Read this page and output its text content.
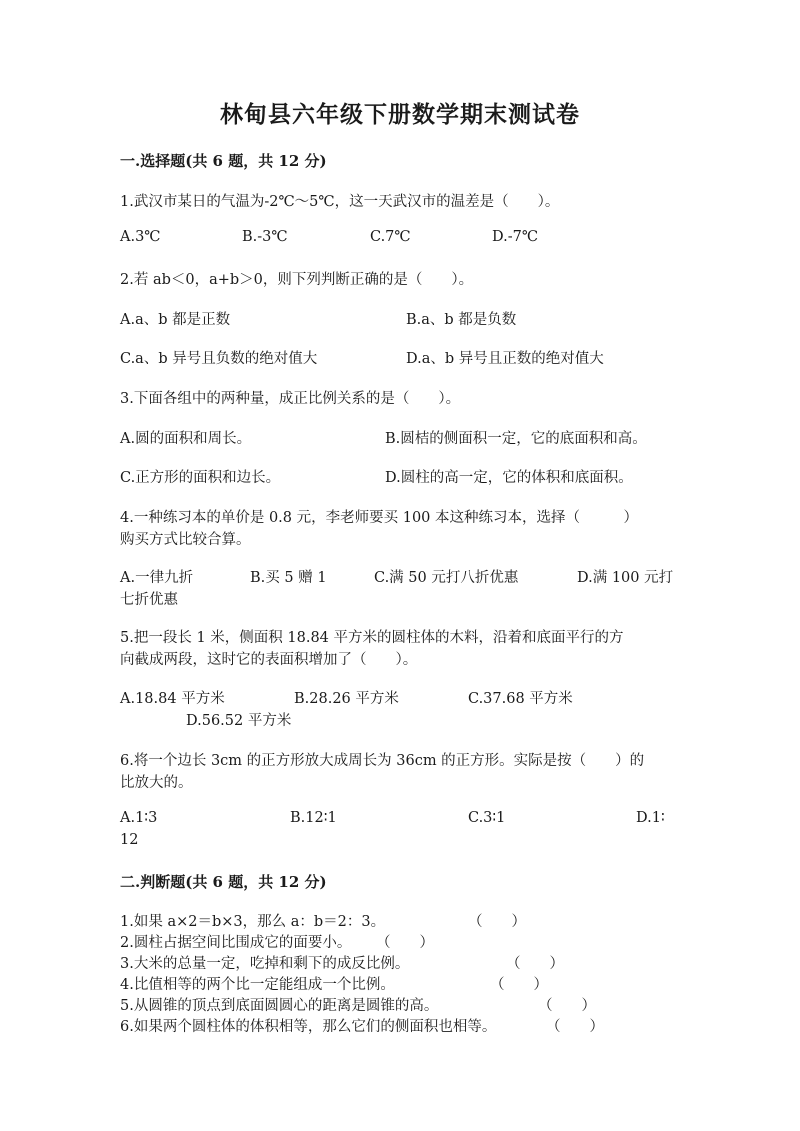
林甸县六年级下册数学期末测试卷
一.选择题(共 6 题，共 12 分)
1.武汉市某日的气温为-2℃～5℃，这一天武汉市的温差是（　　）。
A.3℃	B.-3℃	C.7℃	D.-7℃
2.若 ab＜0，a+b＞0，则下列判断正确的是（　　）。
A.a、b 都是正数	B.a、b 都是负数
C.a、b 异号且负数的绝对值大	D.a、b 异号且正数的绝对值大
3.下面各组中的两种量，成正比例关系的是（　　）。
A.圆的面积和周长。	B.圆桔的侧面积一定，它的底面积和高。
C.正方形的面积和边长。	D.圆柱的高一定，它的体积和底面积。
4.一种练习本的单价是 0.8 元，李老师要买 100 本这种练习本，选择（　　　）
购买方式比较合算。
A.一律九折	B.买 5 赠 1	C.满 50 元打八折优惠	D.满 100 元打
七折优惠
5.把一段长 1 米，侧面积 18.84 平方米的圆柱体的木料，沿着和底面平行的方
向截成两段，这时它的表面积增加了（　　）。
A.18.84 平方米	B.28.26 平方米	C.37.68 平方米
D.56.52 平方米
6.将一个边长 3cm 的正方形放大成周长为 36cm 的正方形。实际是按（　　）的
比放大的。
A.1∶3	B.12∶1	C.3∶1	D.1∶
12
二.判断题(共 6 题，共 12 分)
1.如果 a×2＝b×3，那么 a：b＝2：3。	（　　）
2.圆柱占据空间比围成它的面要小。 （　　）
3.大米的总量一定，吃掉和剩下的成反比例。	（　　）
4.比值相等的两个比一定能组成一个比例。	（　　）
5.从圆锥的顶点到底面圆圆心的距离是圆锥的高。	（　　）
6.如果两个圆柱体的体积相等，那么它们的侧面积也相等。	（　　）
